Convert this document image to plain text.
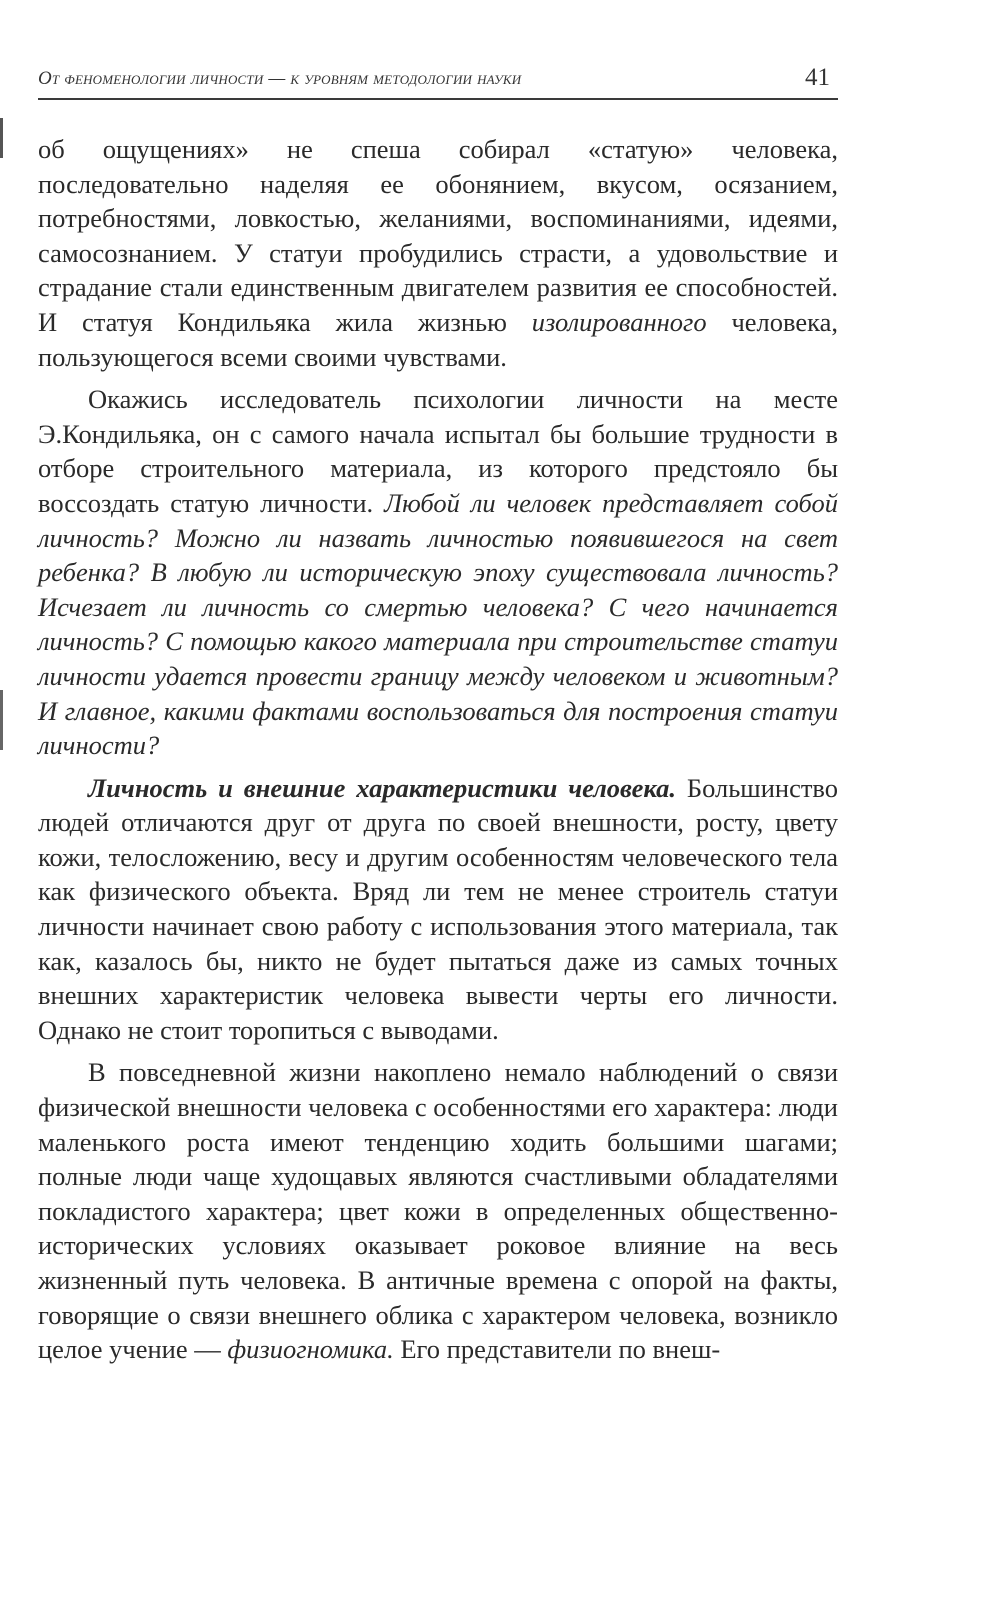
От феноменологии личности — к уровням методологии науки	41

об ощущениях» не спеша собирал «статую» человека, последовательно наделяя ее обонянием, вкусом, осязанием, потребностями, ловкостью, желаниями, воспоминаниями, идеями, самосознанием. У статуи пробудились страсти, а удовольствие и страдание стали единственным двигателем развития ее способностей. И статуя Кондильяка жила жизнью изолированного человека, пользующегося всеми своими чувствами.

Окажись исследователь психологии личности на месте Э.Кондильяка, он с самого начала испытал бы большие трудности в отборе строительного материала, из которого предстояло бы воссоздать статую личности. Любой ли человек представляет собой личность? Можно ли назвать личностью появившегося на свет ребенка? В любую ли историческую эпоху существовала личность? Исчезает ли личность со смертью человека? С чего начинается личность? С помощью какого материала при строительстве статуи личности удается провести границу между человеком и животным? И главное, какими фактами воспользоваться для построения статуи личности?

Личность и внешние характеристики человека. Большинство людей отличаются друг от друга по своей внешности, росту, цвету кожи, телосложению, весу и другим особенностям человеческого тела как физического объекта. Вряд ли тем не менее строитель статуи личности начинает свою работу с использования этого материала, так как, казалось бы, никто не будет пытаться даже из самых точных внешних характеристик человека вывести черты его личности. Однако не стоит торопиться с выводами.

В повседневной жизни накоплено немало наблюдений о связи физической внешности человека с особенностями его характера: люди маленького роста имеют тенденцию ходить большими шагами; полные люди чаще худощавых являются счастливыми обладателями покладистого характера; цвет кожи в определенных общественно-исторических условиях оказывает роковое влияние на весь жизненный путь человека. В античные времена с опорой на факты, говорящие о связи внешнего облика с характером человека, возникло целое учение — физиогномика. Его представители по внеш-
